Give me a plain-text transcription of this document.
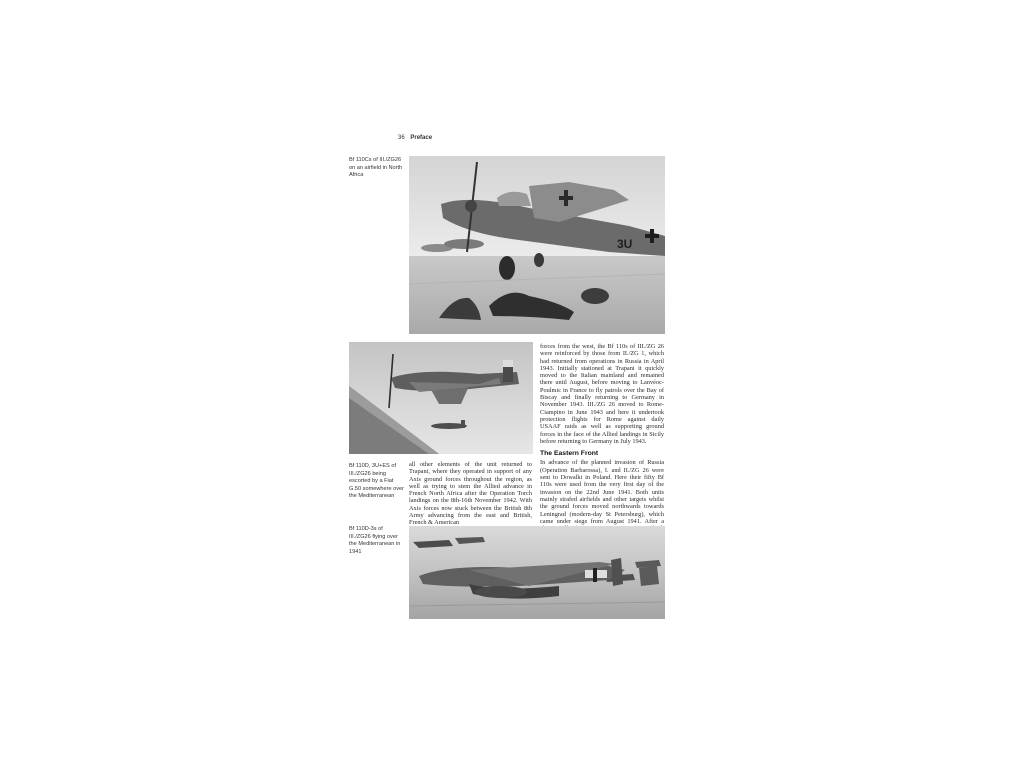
36 Preface
Bf 110Cs of III./ZG26 on an airfield in North Africa
3U
Bf 110D, 3U+ES of III./ZG26 being escorted by a Fiat G.50 somewhere over the Mediterranean

all other elements of the unit returned to Trapani, where they operated in support of any Axis ground forces throughout the region, as well as trying to stem the Allied advance in French North Africa after the Operation Torch landings on the 8th-16th November 1942. With Axis forces now stuck between the British 8th Army advancing from the east and British, French & American

forces from the west, the Bf 110s of III./ZG 26 were reinforced by those from II./ZG 1, which had returned from operations in Russia in April 1943. Initially stationed at Trapani it quickly moved to the Italian mainland and remained there until August, before moving to Lanvéoc-Poulmic in France to fly patrols over the Bay of Biscay and finally returning to Germany in November 1943. III./ZG 26 moved to Rome-Ciampino in June 1943 and here it undertook protection flights for Rome against daily USAAF raids as well as supporting ground forces in the face of the Allied landings in Sicily before returning to Germany in July 1943.

The Eastern Front

In advance of the planned invasion of Russia (Operation Barbarossa), I. and II./ZG 26 were sent to Dowalki in Poland. Here their fifty Bf 110s were used from the very first day of the invasion on the 22nd June 1941. Both units mainly strafed airfields and other targets whilst the ground forces moved northwards towards Leningrad (modern-day St Petersburg), which came under siege from August 1941. After a

Bf 110D-3s of III./ZG26 flying over the Mediterranean in 1941
